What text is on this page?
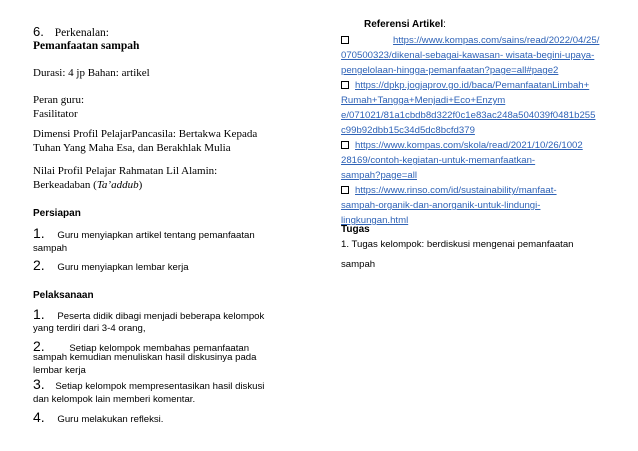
6. Perkenalan:
Pemanfaatan sampah
Durasi: 4 jp Bahan: artikel
Peran guru:
Fasilitator
Dimensi Profil PelajarPancasila: Bertakwa Kepada
Tuhan Yang Maha Esa, dan Berakhlak Mulia
Nilai Profil Pelajar Rahmatan Lil Alamin:
Berkeadaban (Ta’addub)
Persiapan
1. Guru menyiapkan artikel tentang pemanfaatan
sampah
2. Guru menyiapkan lembar kerja
Pelaksanaan
1. Peserta didik dibagi menjadi beberapa kelompok
yang terdiri dari 3-4 orang,
2.	Setiap kelompok membahas pemanfaatan
sampah kemudian menuliskan hasil diskusinya pada
lembar kerja
3. Setiap kelompok mempresentasikan hasil diskusi
dan kelompok lain memberi komentar.
4. Guru melakukan refleksi.
Referensi Artikel:
https://www.kompas.com/sains/read/2022/04/25/
070500323/dikenal-sebagai-kawasan- wisata-begini-upaya-
pengelolaan-hingga-pemanfaatan?page=all#page2
https://dpkp.jogjaprov.go.id/baca/PemanfaatanLimbah+
Rumah+Tangga+Menjadi+Eco+Enzym
e/071021/81a1cbdb8d322f0c1e83ac248a504039f0481b255
c99b92dbb15c34d5dc8bcfd379
https://www.kompas.com/skola/read/2021/10/26/1002
28169/contoh-kegiatan-untuk-memanfaatkan-
sampah?page=all
https://www.rinso.com/id/sustainability/manfaat-
sampah-organik-dan-anorganik-untuk-lindungi-
lingkungan.html
Tugas
1. Tugas kelompok: berdiskusi mengenai pemanfaatan
sampah
